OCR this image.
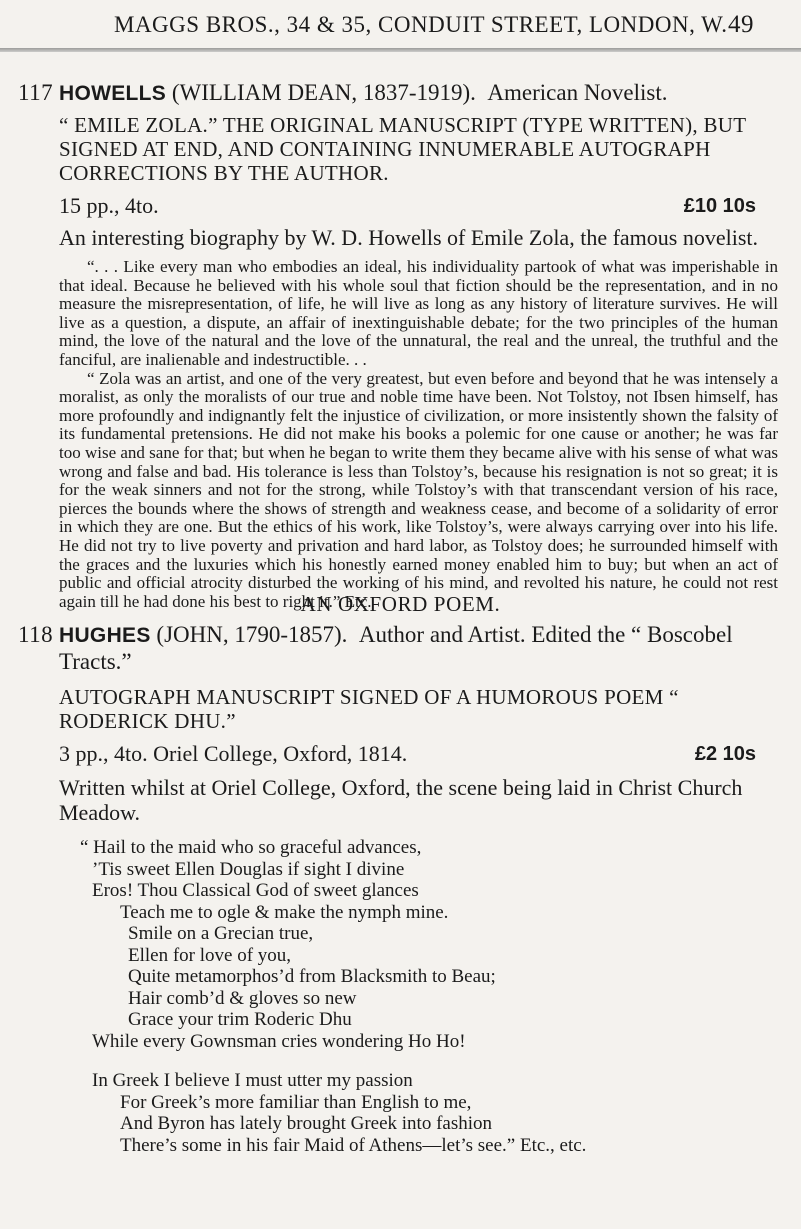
MAGGS BROS., 34 & 35, CONDUIT STREET, LONDON, W. 49
117 HOWELLS (WILLIAM DEAN, 1837-1919). American Novelist.
“ EMILE ZOLA.” THE ORIGINAL MANUSCRIPT (TYPE WRITTEN), BUT SIGNED AT END, AND CONTAINING INNUMERABLE AUTOGRAPH CORRECTIONS BY THE AUTHOR.
15 pp., 4to.	£10 10s
An interesting biography by W. D. Howells of Emile Zola, the famous novelist.

“. . . Like every man who embodies an ideal, his individuality partook of what was imperishable in that ideal. Because he believed with his whole soul that fiction should be the representation, and in no measure the misrepresentation, of life, he will live as long as any history of literature survives. He will live as a question, a dispute, an affair of inextinguishable debate; for the two principles of the human mind, the love of the natural and the love of the unnatural, the real and the unreal, the truthful and the fanciful, are inalienable and indestructible. . .

“ Zola was an artist, and one of the very greatest, but even before and beyond that he was intensely a moralist, as only the moralists of our true and noble time have been. Not Tolstoy, not Ibsen himself, has more profoundly and indignantly felt the injustice of civilization, or more insistently shown the falsity of its fundamental pretensions. He did not make his books a polemic for one cause or another; he was far too wise and sane for that; but when he began to write them they became alive with his sense of what was wrong and false and bad. His tolerance is less than Tolstoy’s, because his resignation is not so great; it is for the weak sinners and not for the strong, while Tolstoy’s with that transcendant version of his race, pierces the bounds where the shows of strength and weakness cease, and become of a solidarity of error in which they are one. But the ethics of his work, like Tolstoy’s, were always carrying over into his life. He did not try to live poverty and privation and hard labor, as Tolstoy does; he surrounded himself with the graces and the luxuries which his honestly earned money enabled him to buy; but when an act of public and official atrocity disturbed the working of his mind, and revolted his nature, he could not rest again till he had done his best to right it.” Etc.

AN OXFORD POEM.
118 HUGHES (JOHN, 1790-1857). Author and Artist. Edited the “ Boscobel
Tracts.”
AUTOGRAPH MANUSCRIPT SIGNED OF A HUMOROUS POEM “ RODERICK DHU.”
3 pp., 4to. Oriel College, Oxford, 1814.	£2 10s
Written whilst at Oriel College, Oxford, the scene being laid in Christ Church Meadow.
“ Hail to the maid who so graceful advances,
’Tis sweet Ellen Douglas if sight I divine
Eros! Thou Classical God of sweet glances
Teach me to ogle & make the nymph mine.
Smile on a Grecian true,
Ellen for love of you,
Quite metamorphos’d from Blacksmith to Beau;
Hair comb’d & gloves so new
Grace your trim Roderic Dhu
While every Gownsman cries wondering Ho Ho!
In Greek I believe I must utter my passion
For Greek’s more familiar than English to me,
And Byron has lately brought Greek into fashion
There’s some in his fair Maid of Athens—let’s see.” Etc., etc.
